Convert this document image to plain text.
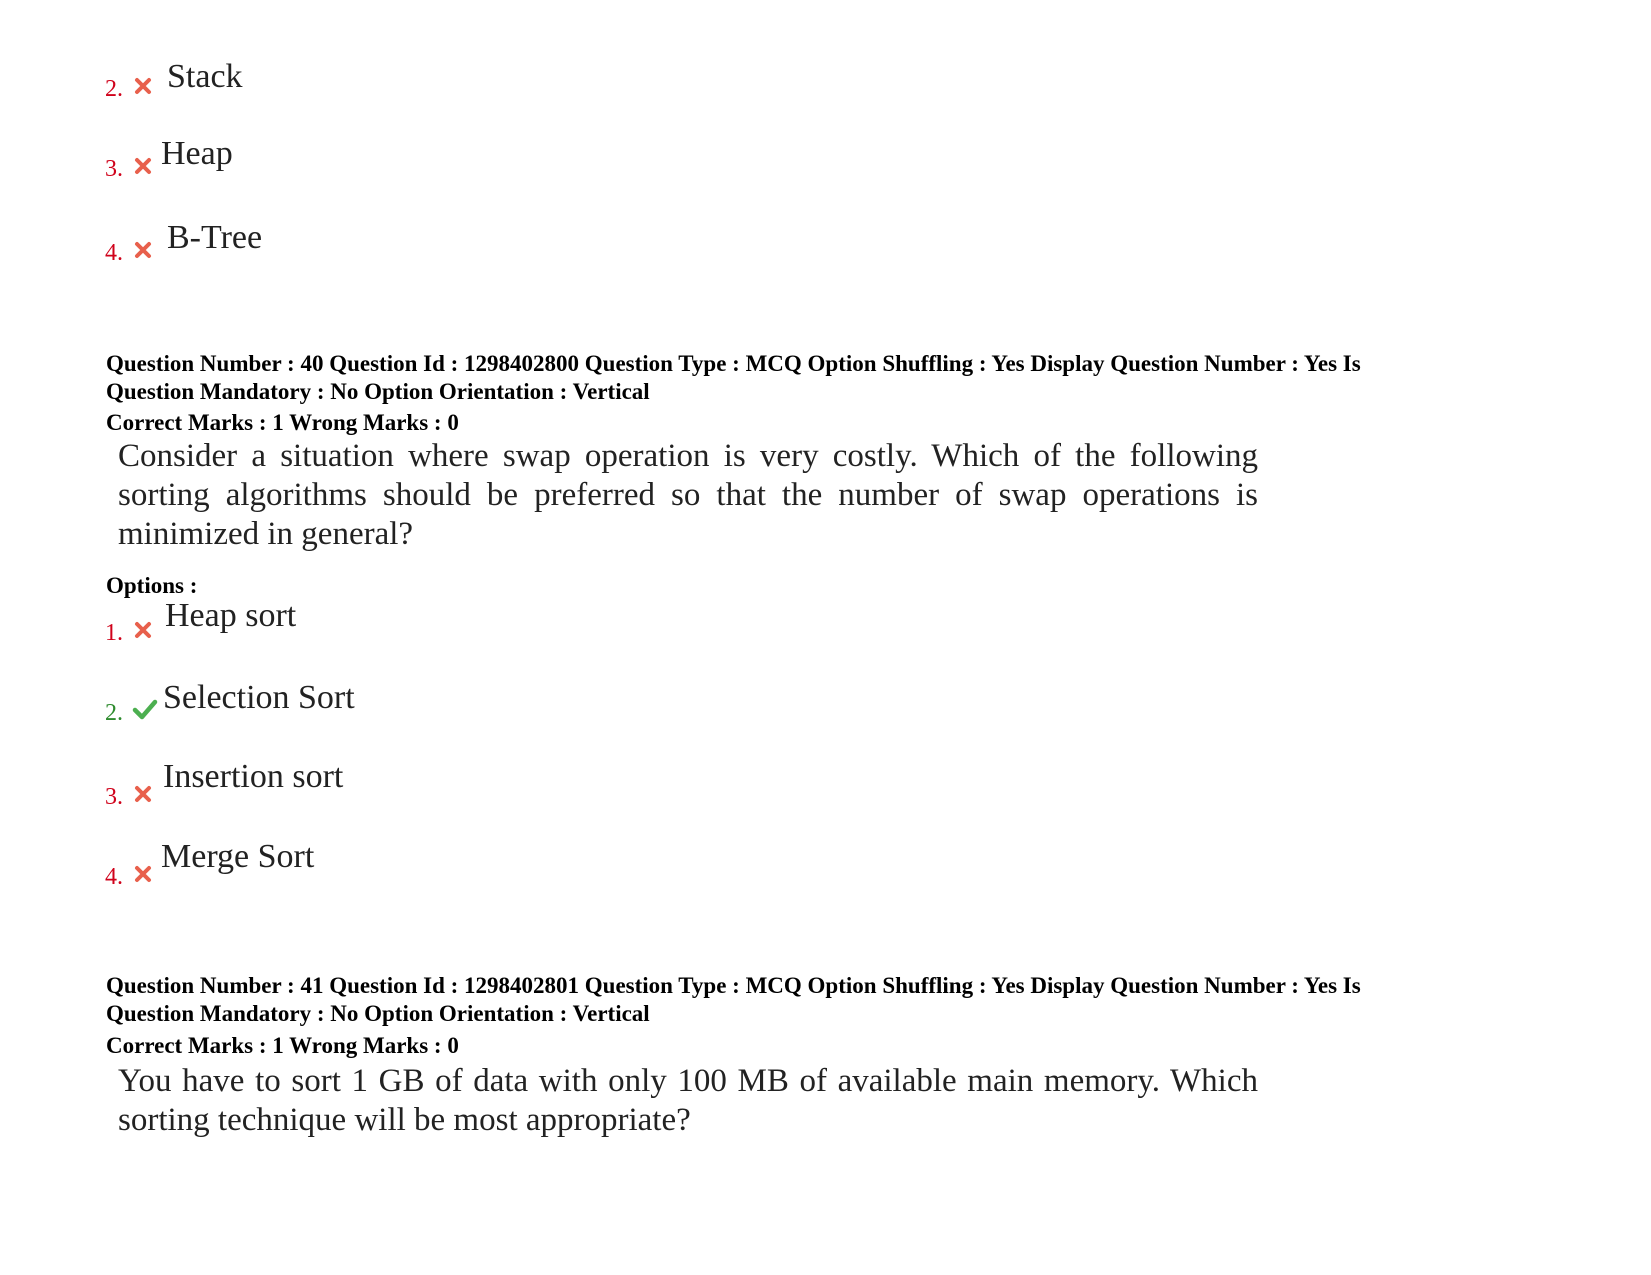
2. Stack
3. Heap
4. B-Tree
Question Number : 40 Question Id : 1298402800 Question Type : MCQ Option Shuffling : Yes Display Question Number : Yes Is
Question Mandatory : No Option Orientation : Vertical
Correct Marks : 1 Wrong Marks : 0
Consider a situation where swap operation is very costly. Which of the following sorting algorithms should be preferred so that the number of swap operations is minimized in general?
Options :
1. Heap sort
2. Selection Sort
3.
Insertion sort
4.
Merge Sort
Question Number : 41 Question Id : 1298402801 Question Type : MCQ Option Shuffling : Yes Display Question Number : Yes Is
Question Mandatory : No Option Orientation : Vertical
Correct Marks : 1 Wrong Marks : 0
You have to sort 1 GB of data with only 100 MB of available main memory. Which sorting technique will be most appropriate?
